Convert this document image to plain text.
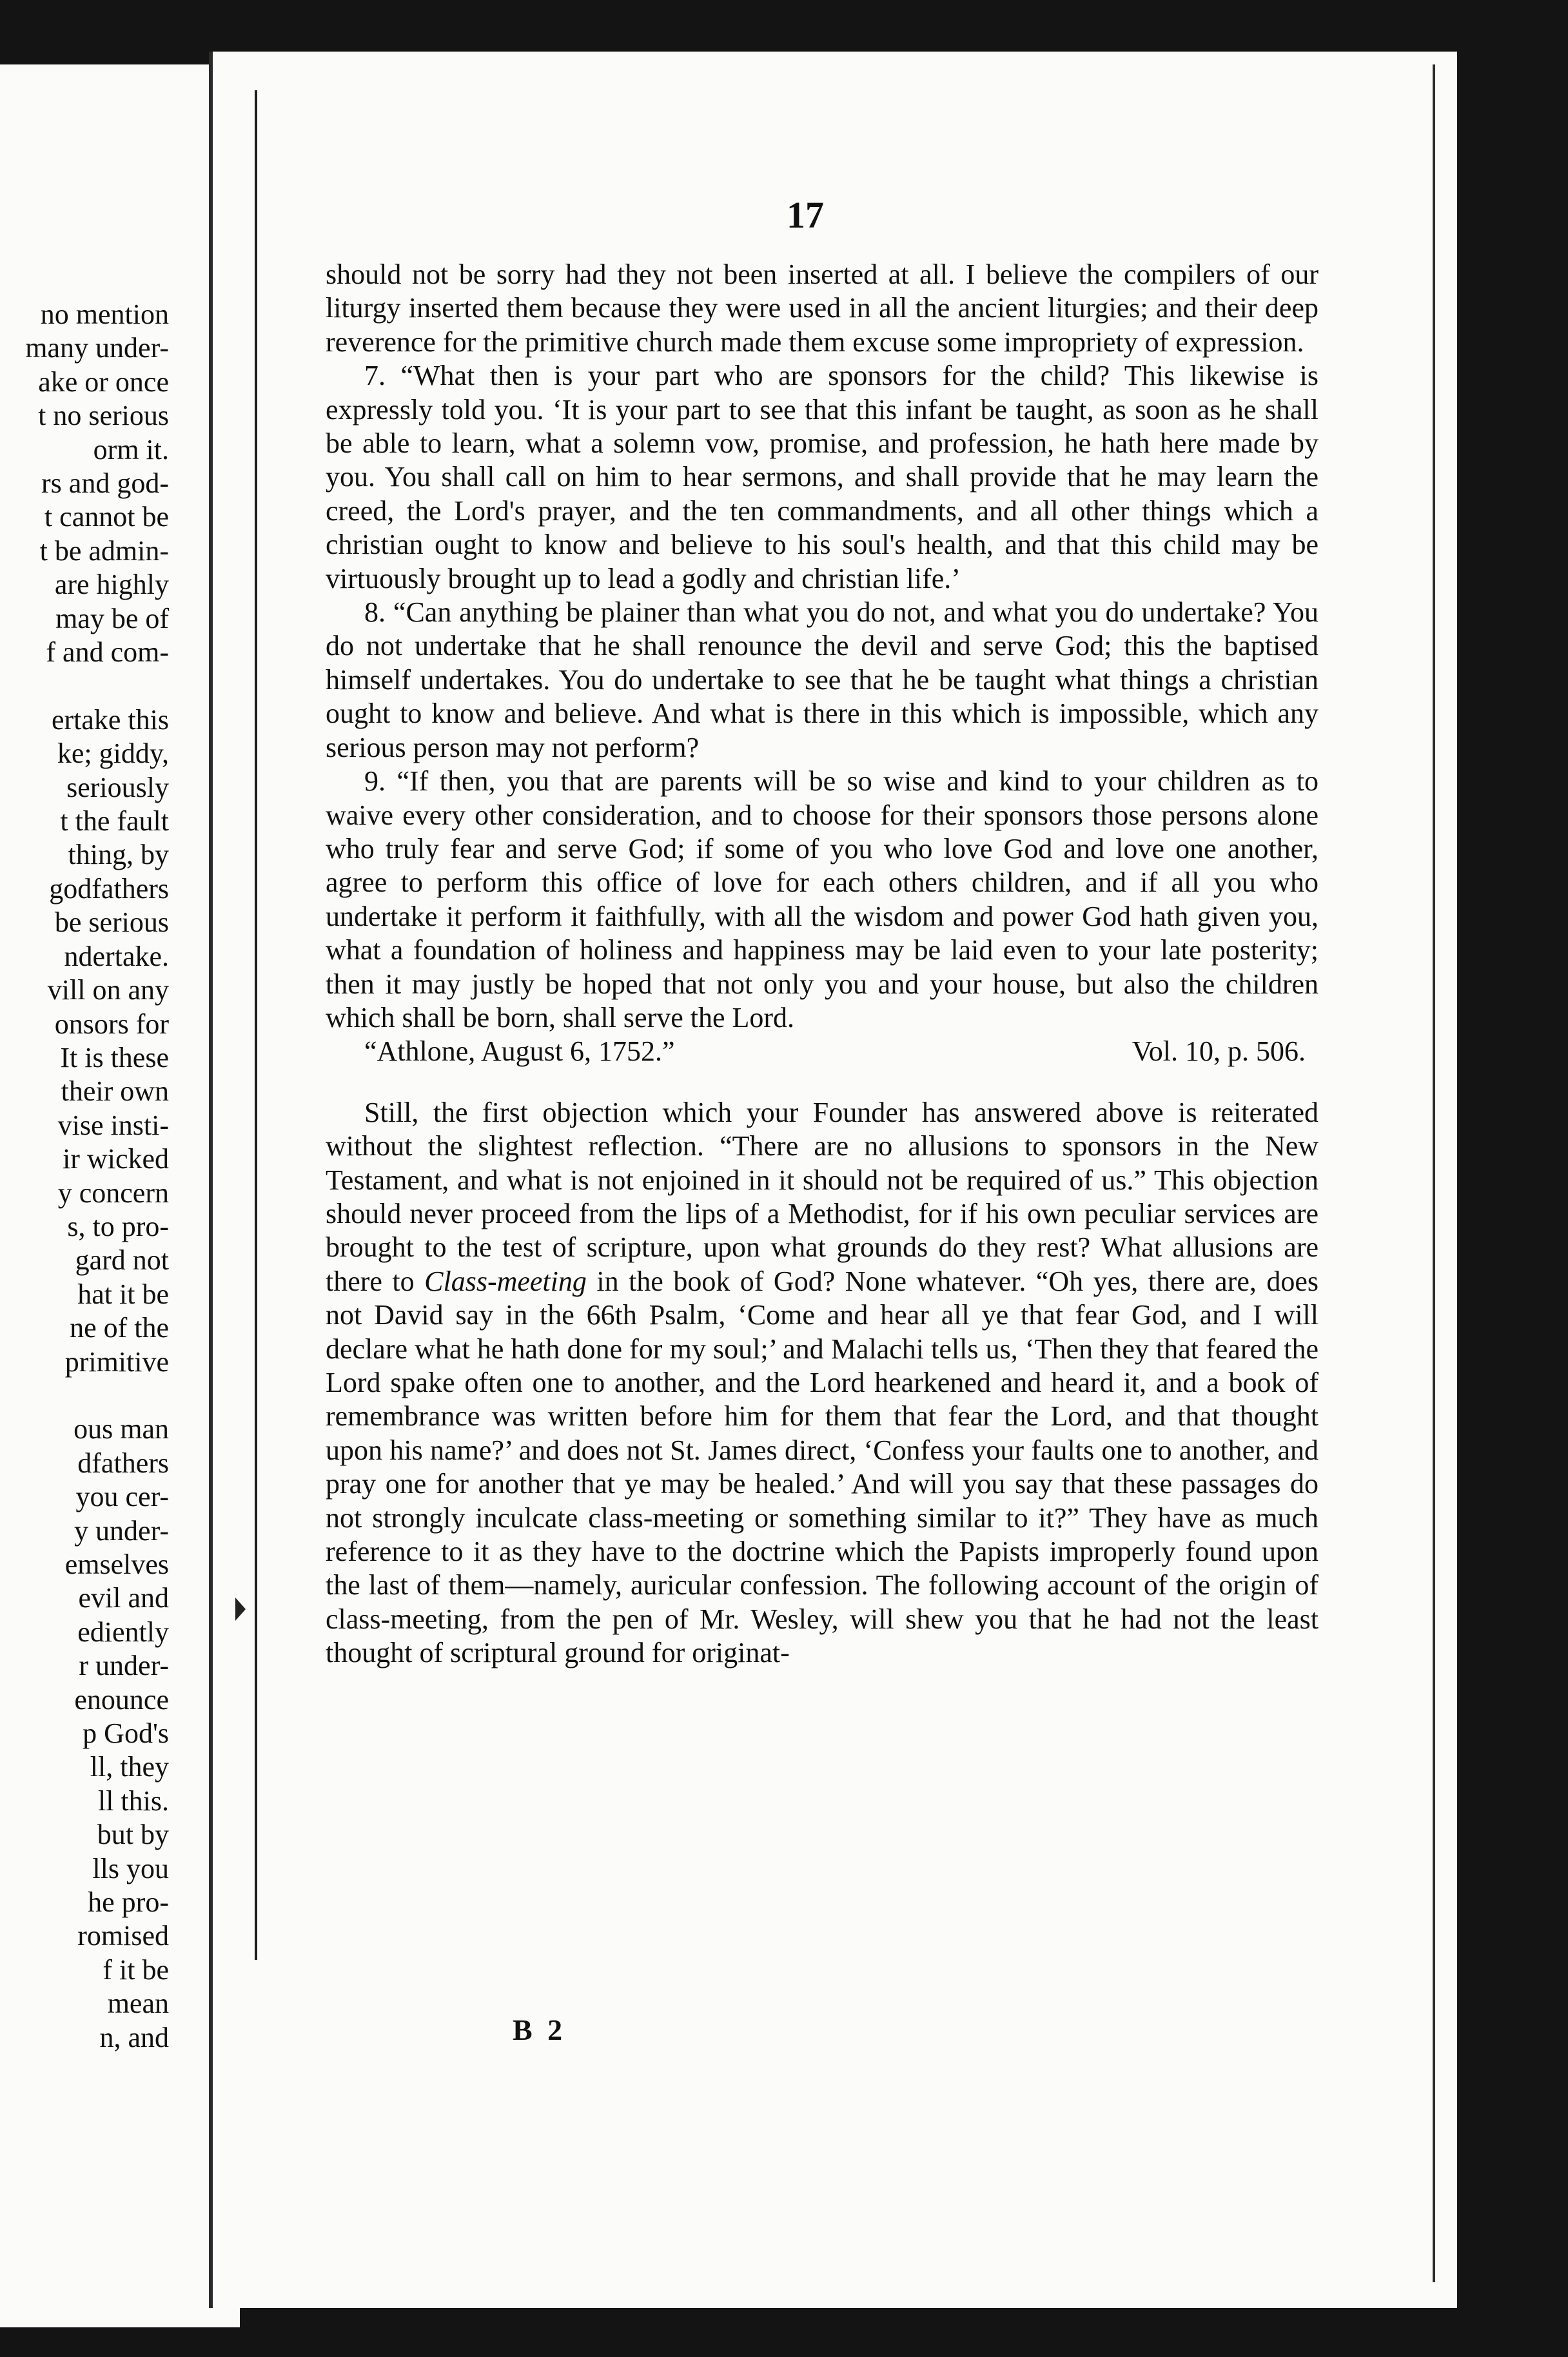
no mention
many under-
ake or once
t no serious
orm it.
rs and god-
t cannot be
t be admin-
are highly
may be of
f and com-
ertake this
ke; giddy,
seriously
t the fault
thing, by
godfathers
be serious
ndertake.
vill on any
onsors for
It is these
their own
vise insti-
ir wicked
y concern
s, to pro-
gard not
hat it be
ne of the
primitive
ous man
dfathers
you cer-
y under-
emselves
evil and
ediently
r under-
enounce
p God's
ll, they
ll this.
but by
lls you
he pro-
romised
f it be
mean
n, and
17

should not be sorry had they not been inserted at all. I believe the compilers of our liturgy inserted them because they were used in all the ancient liturgies; and their deep reverence for the primitive church made them excuse some impropriety of expression.

7. “What then is your part who are sponsors for the child? This likewise is expressly told you. ‘It is your part to see that this infant be taught, as soon as he shall be able to learn, what a solemn vow, promise, and profession, he hath here made by you. You shall call on him to hear sermons, and shall provide that he may learn the creed, the Lord's prayer, and the ten commandments, and all other things which a christian ought to know and believe to his soul's health, and that this child may be virtuously brought up to lead a godly and christian life.’

8. “Can anything be plainer than what you do not, and what you do undertake? You do not undertake that he shall renounce the devil and serve God; this the baptised himself undertakes. You do undertake to see that he be taught what things a christian ought to know and believe. And what is there in this which is impossible, which any serious person may not perform?

9. “If then, you that are parents will be so wise and kind to your children as to waive every other consideration, and to choose for their sponsors those persons alone who truly fear and serve God; if some of you who love God and love one another, agree to perform this office of love for each others children, and if all you who undertake it perform it faithfully, with all the wisdom and power God hath given you, what a foundation of holiness and happiness may be laid even to your late posterity; then it may justly be hoped that not only you and your house, but also the children which shall be born, shall serve the Lord.

“Athlone, August 6, 1752.”	Vol. 10, p. 506.

Still, the first objection which your Founder has answered above is reiterated without the slightest reflection. “There are no allusions to sponsors in the New Testament, and what is not enjoined in it should not be required of us.” This objection should never proceed from the lips of a Methodist, for if his own peculiar services are brought to the test of scripture, upon what grounds do they rest? What allusions are there to Class-meeting in the book of God? None whatever. “Oh yes, there are, does not David say in the 66th Psalm, ‘Come and hear all ye that fear God, and I will declare what he hath done for my soul;’ and Malachi tells us, ‘Then they that feared the Lord spake often one to another, and the Lord hearkened and heard it, and a book of remembrance was written before him for them that fear the Lord, and that thought upon his name?’ and does not St. James direct, ‘Confess your faults one to another, and pray one for another that ye may be healed.’ And will you say that these passages do not strongly inculcate class-meeting or something similar to it?” They have as much reference to it as they have to the doctrine which the Papists improperly found upon the last of them—namely, auricular confession. The following account of the origin of class-meeting, from the pen of Mr. Wesley, will shew you that he had not the least thought of scriptural ground for originat-

B 2
